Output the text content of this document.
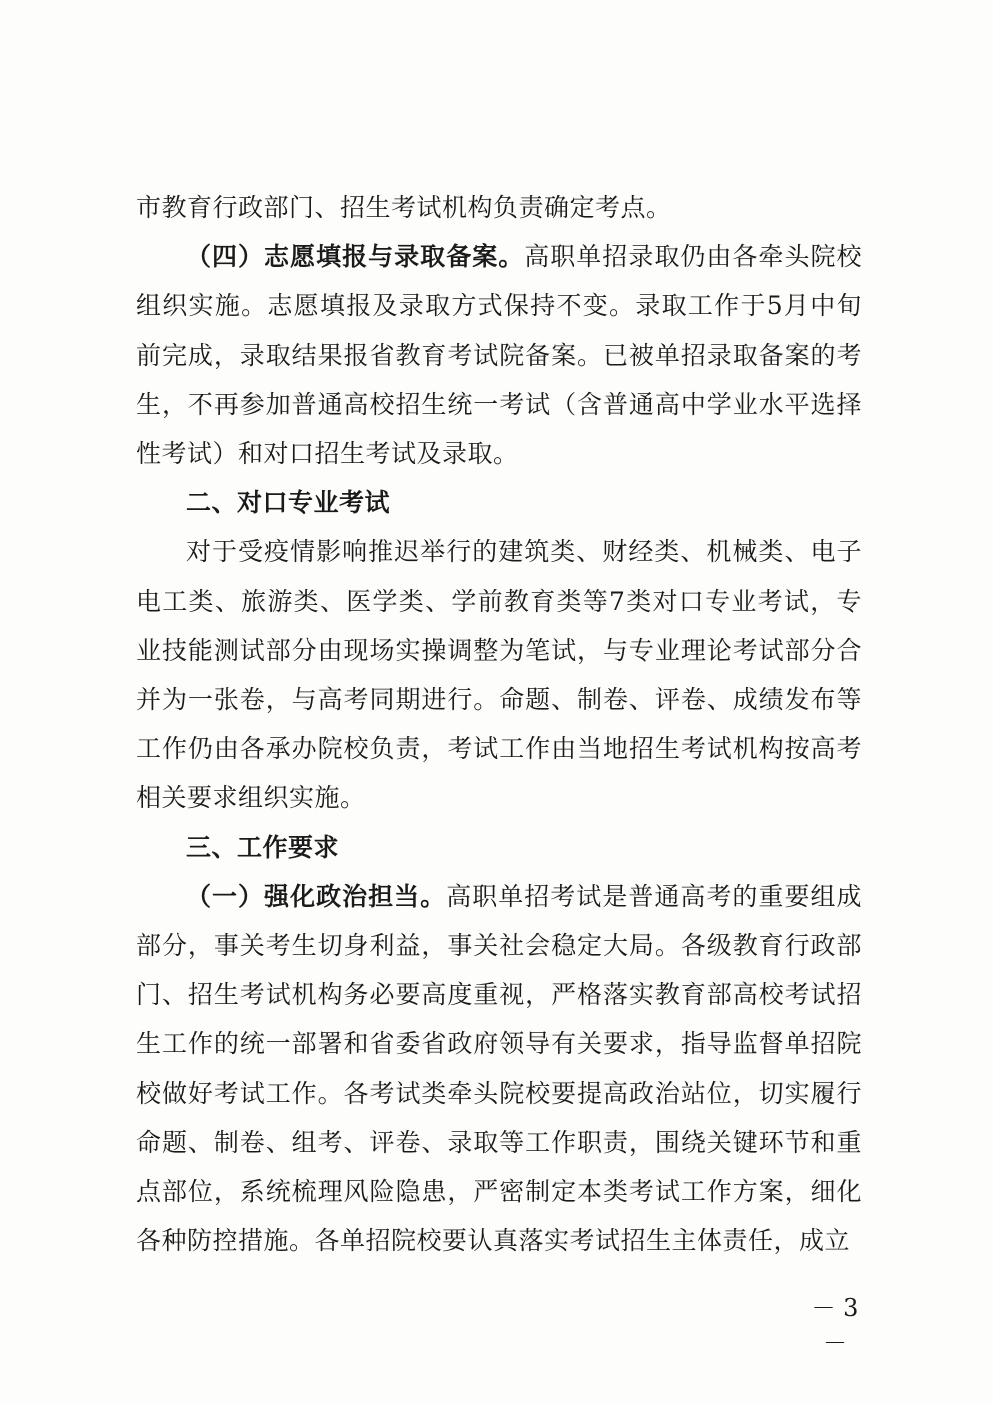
市教育行政部门、招生考试机构负责确定考点。

（四）志愿填报与录取备案。高职单招录取仍由各牵头院校组织实施。志愿填报及录取方式保持不变。录取工作于5月中旬前完成，录取结果报省教育考试院备案。已被单招录取备案的考生，不再参加普通高校招生统一考试（含普通高中学业水平选择性考试）和对口招生考试及录取。

二、对口专业考试

对于受疫情影响推迟举行的建筑类、财经类、机械类、电子电工类、旅游类、医学类、学前教育类等7类对口专业考试，专业技能测试部分由现场实操调整为笔试，与专业理论考试部分合并为一张卷，与高考同期进行。命题、制卷、评卷、成绩发布等工作仍由各承办院校负责，考试工作由当地招生考试机构按高考相关要求组织实施。

三、工作要求

（一）强化政治担当。高职单招考试是普通高考的重要组成部分，事关考生切身利益，事关社会稳定大局。各级教育行政部门、招生考试机构务必要高度重视，严格落实教育部高校考试招生工作的统一部署和省委省政府领导有关要求，指导监督单招院校做好考试工作。各考试类牵头院校要提高政治站位，切实履行命题、制卷、组考、评卷、录取等工作职责，围绕关键环节和重点部位，系统梳理风险隐患，严密制定本类考试工作方案，细化各种防控措施。各单招院校要认真落实考试招生主体责任，成立

－ 3 －
